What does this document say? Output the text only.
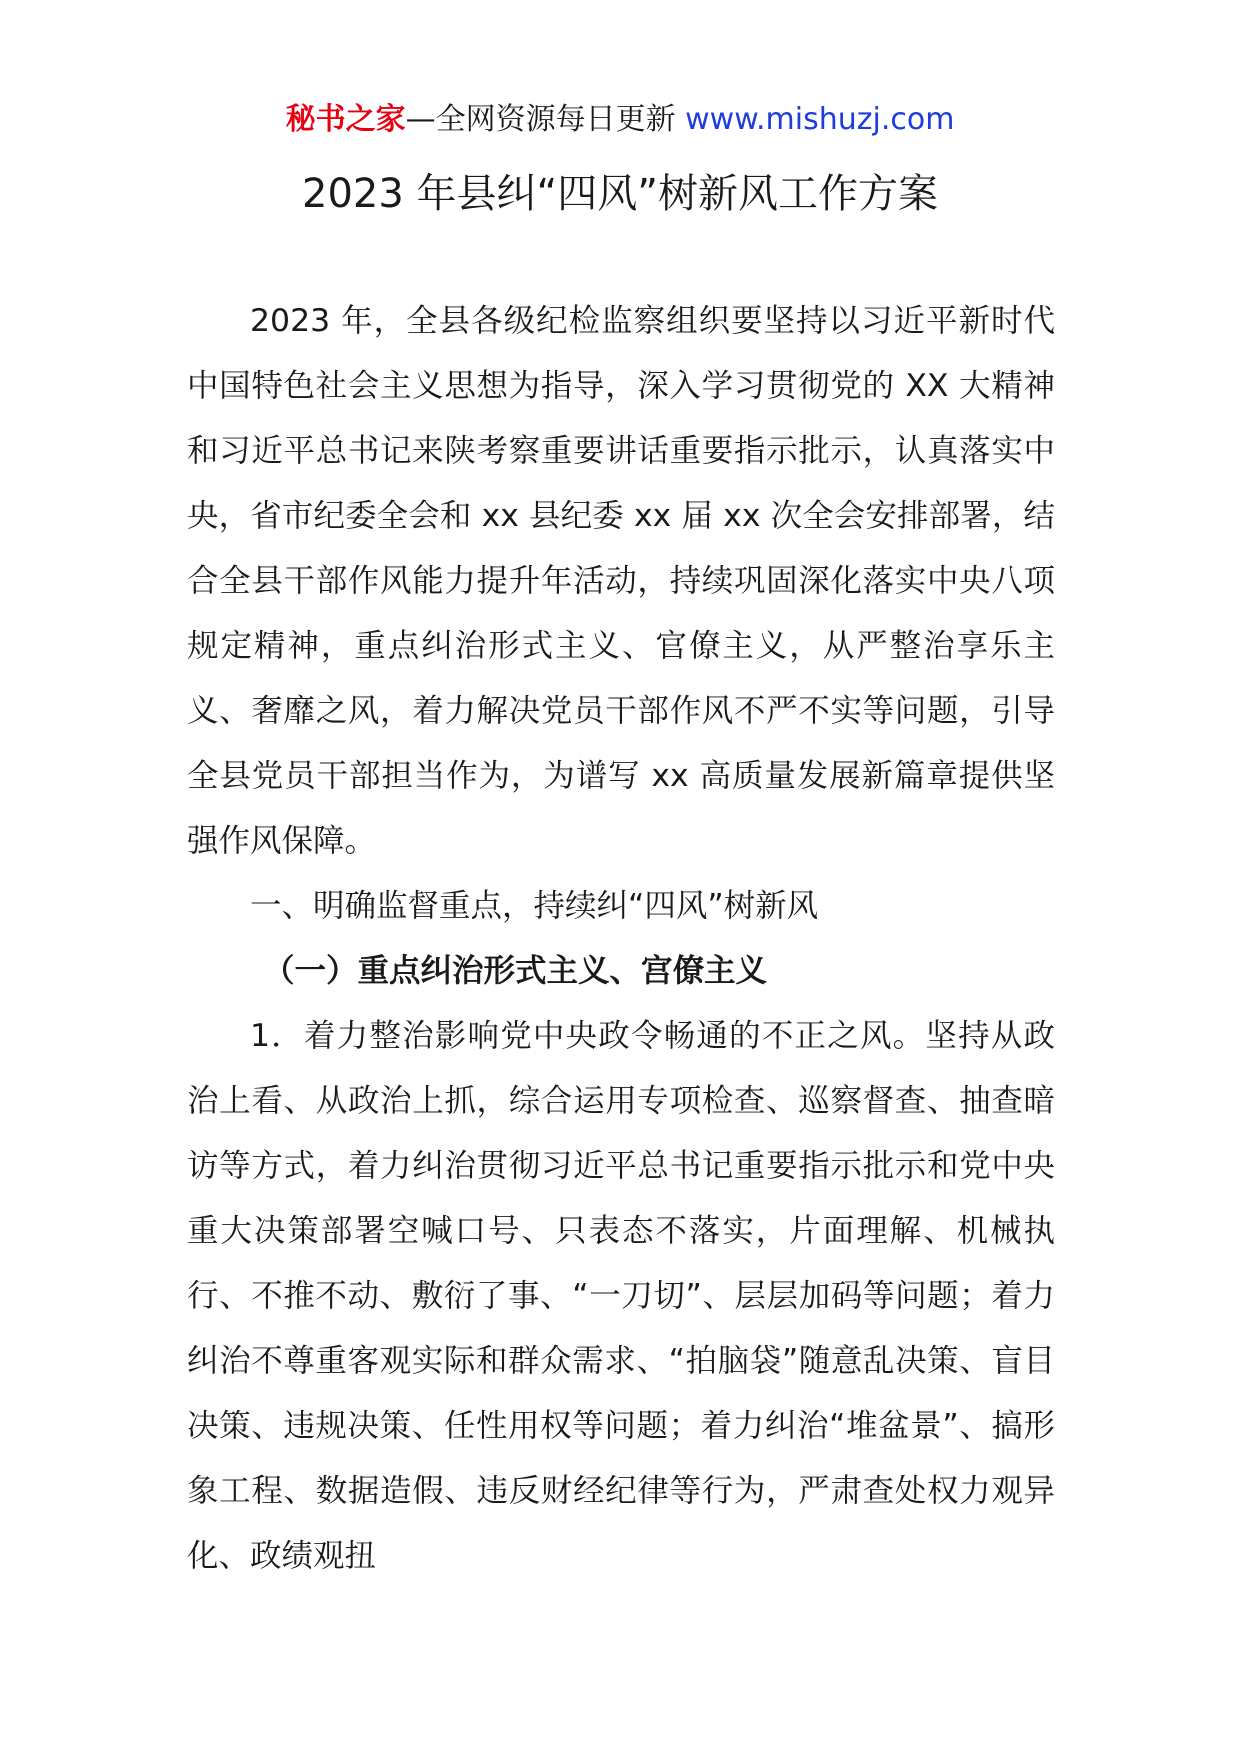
秘书之家—全网资源每日更新 www.mishuzj.com
2023 年县纠“四风”树新风工作方案

2023 年，全县各级纪检监察组织要坚持以习近平新时代中国特色社会主义思想为指导，深入学习贯彻党的 XX 大精神和习近平总书记来陕考察重要讲话重要指示批示，认真落实中央，省市纪委全会和 xx 县纪委 xx 届 xx 次全会安排部署，结合全县干部作风能力提升年活动，持续巩固深化落实中央八项规定精神，重点纠治形式主义、官僚主义，从严整治享乐主义、奢靡之风，着力解决党员干部作风不严不实等问题，引导全县党员干部担当作为，为谱写 xx 高质量发展新篇章提供坚强作风保障。

一、明确监督重点，持续纠“四风”树新风

（一）重点纠治形式主义、宫僚主义

1．着力整治影响党中央政令畅通的不正之风。坚持从政治上看、从政治上抓，综合运用专项检查、巡察督查、抽查暗访等方式，着力纠治贯彻习近平总书记重要指示批示和党中央重大决策部署空喊口号、只表态不落实，片面理解、机械执行、不推不动、敷衍了事、“一刀切”、层层加码等问题；着力纠治不尊重客观实际和群众需求、“拍脑袋”随意乱决策、盲目决策、违规决策、任性用权等问题；着力纠治“堆盆景”、搞形象工程、数据造假、违反财经纪律等行为，严肃查处权力观异化、政绩观扭
